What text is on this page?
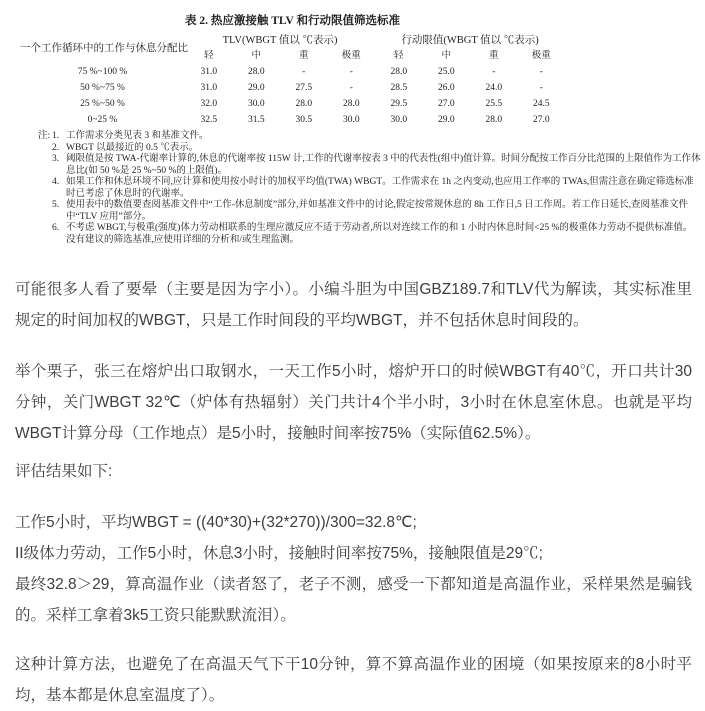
表 2. 热应激接触 TLV 和行动限值筛选标准
一个工作循环中的工作与休息分配比	TLV(WBGT 值以 ℃表示)				行动限值(WBGT 值以 ℃表示)			
	轻	中	重	极重	轻	中	重	极重
75 %~100 %	31.0	28.0	-	-	28.0	25.0	-	-
50 %~75 %	31.0	29.0	27.5	-	28.5	26.0	24.0	-
25 %~50 %	32.0	30.0	28.0	28.0	29.5	27.0	25.5	24.5
0~25 %	32.5	31.5	30.5	30.0	30.0	29.0	28.0	27.0
注: 1. 工作需求分类见表 3 和基准文件。
2. WBGT 以最接近的 0.5 ℃表示。
3. 阈限值是按 TWA-代谢率计算的,休息的代谢率按 115W 计,工作的代谢率按表 3 中的代表性(组中)值计算。时间分配按工作百分比范围的上限值作为工作休息比(如 50 %是 25 %~50 %的上限值)。
4. 如果工作和休息环境不同,应计算和使用按小时计的加权平均值(TWA) WBGT。工作需求在 1h 之内变动,也应用工作率的 TWAs,但需注意在确定筛选标准时已考虑了休息时的代谢率。
5. 使用表中的数值要查阅基准文件中“工作-休息制度”部分,并如基准文件中的讨论,假定按常规休息的 8h 工作日,5 日工作周。若工作日延长,查阅基准文件中“TLV 应用”部分。
6. 不考虑 WBGT,与极重(强度)体力劳动相联系的生理应激反应不适于劳动者,所以对连续工作的和 1 小时内休息时间<25 %的极重体力劳动不提供标准值。没有建议的筛选基准,应使用详细的分析和/或生理监测。

可能很多人看了要晕（主要是因为字小）。小编斗胆为中国GBZ189.7和TLV代为解读，其实标准里规定的时间加权的WBGT，只是工作时间段的平均WBGT，并不包括休息时间段的。

举个栗子，张三在熔炉出口取钢水，一天工作5小时，熔炉开口的时候WBGT有40℃，开口共计30分钟，关门WBGT 32℃（炉体有热辐射）关门共计4个半小时，3小时在休息室休息。也就是平均WBGT计算分母（工作地点）是5小时，接触时间率按75%（实际值62.5%）。

评估结果如下:

工作5小时，平均WBGT = ((40*30)+(32*270))/300=32.8℃;

II级体力劳动，工作5小时，休息3小时，接触时间率按75%，接触限值是29℃;

最终32.8＞29，算高温作业（读者怒了，老子不测，感受一下都知道是高温作业，采样果然是骗钱的。采样工拿着3k5工资只能默默流泪）。

这种计算方法，也避免了在高温天气下干10分钟，算不算高温作业的困境（如果按原来的8小时平均，基本都是休息室温度了）。
